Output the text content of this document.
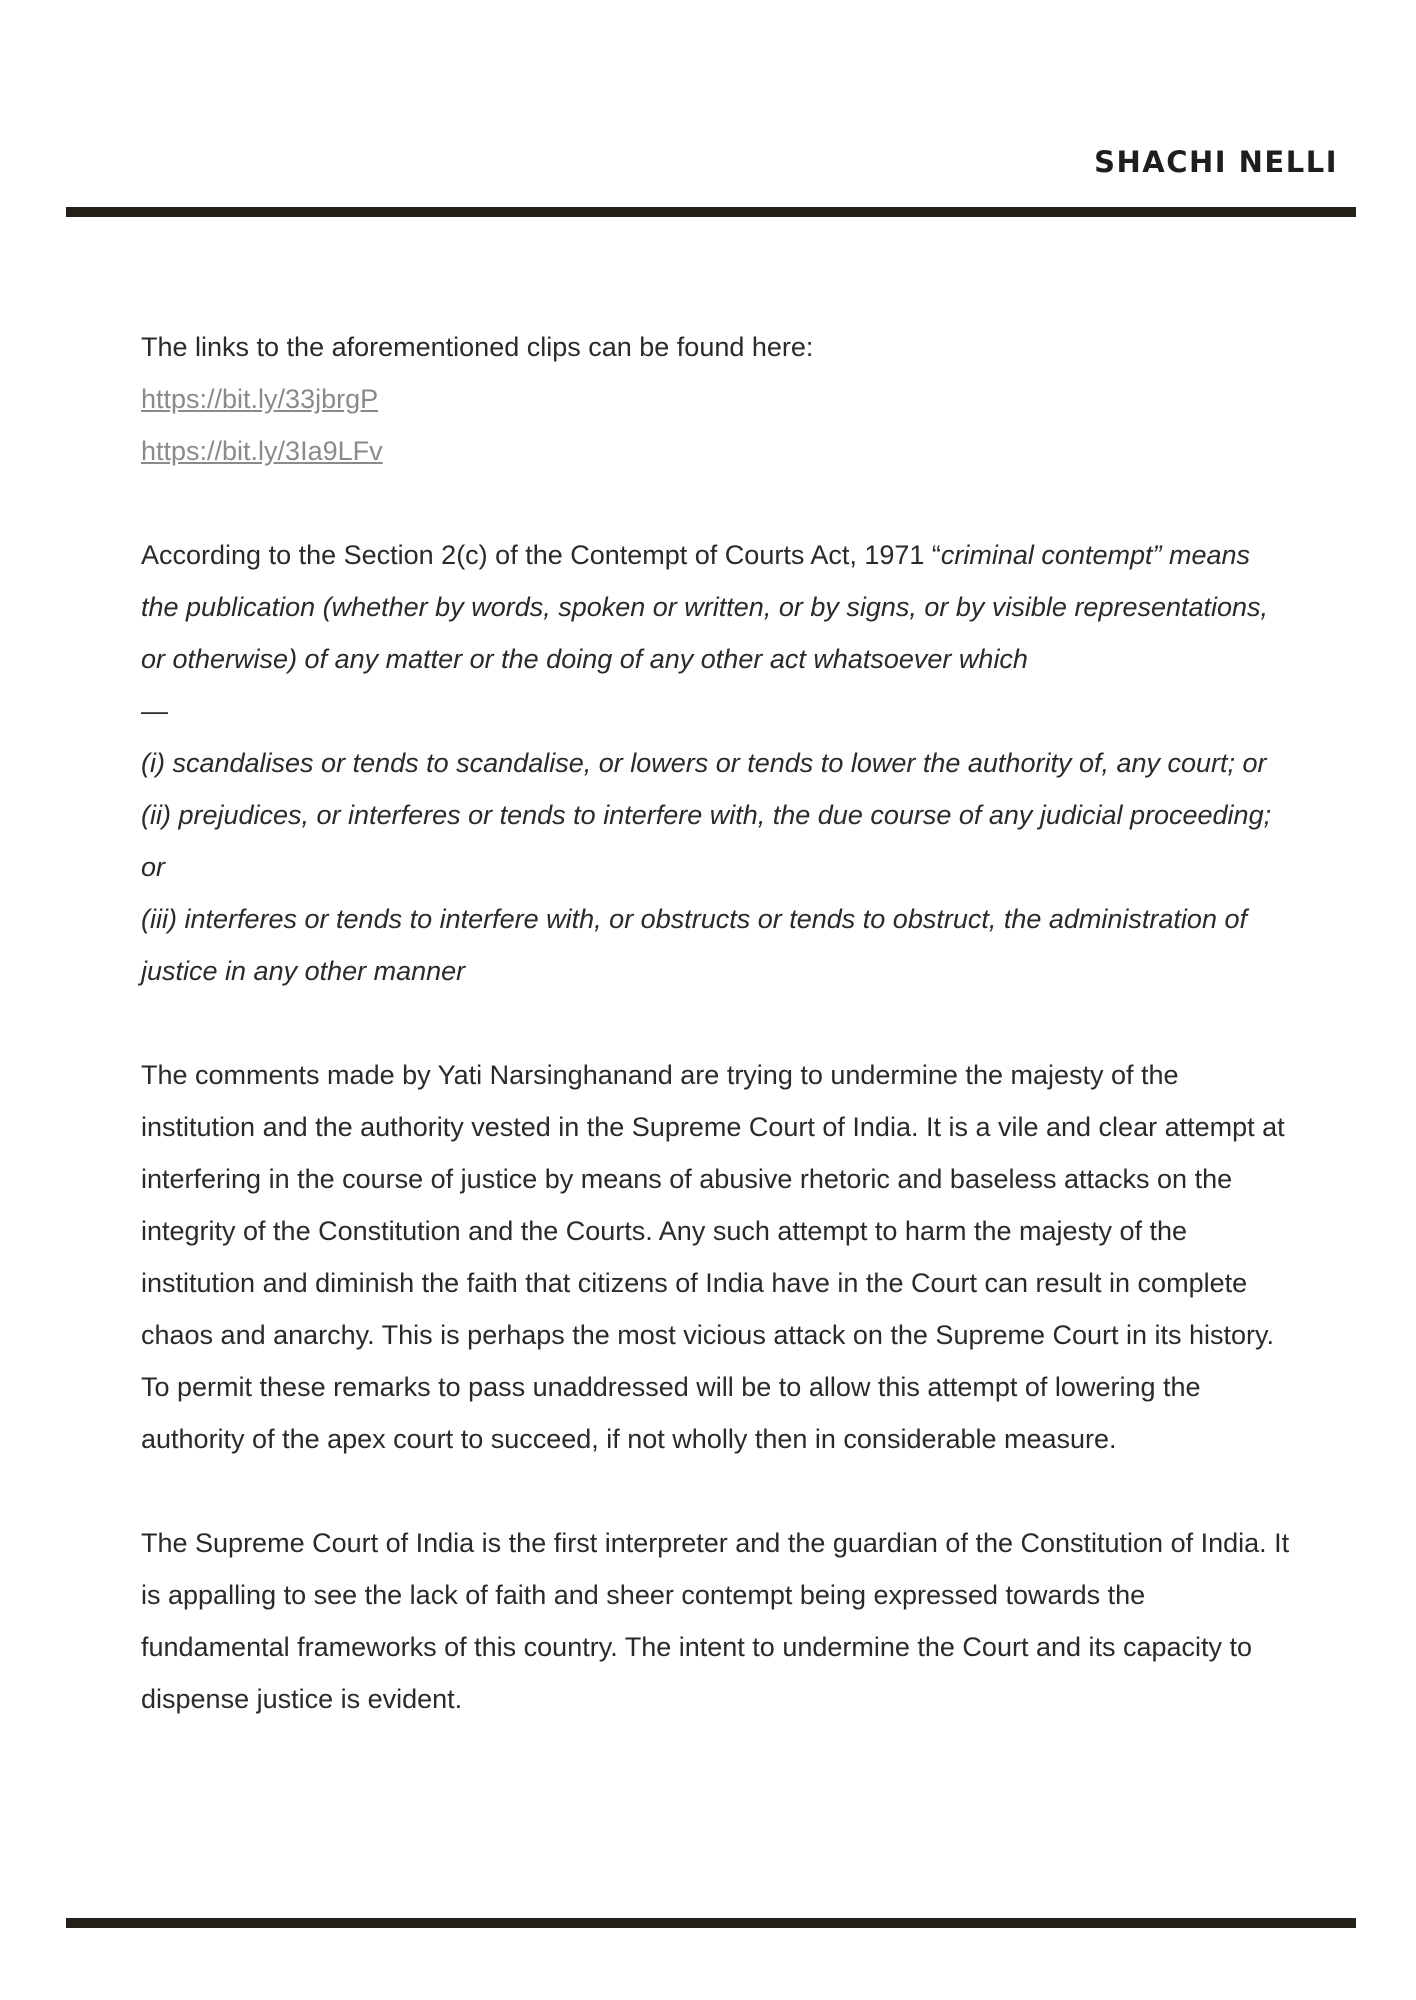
SHACHI NELLI

The links to the aforementioned clips can be found here:

https://bit.ly/33jbrgP
https://bit.ly/3Ia9LFv

According to the Section 2(c) of the Contempt of Courts Act, 1971 “criminal contempt” means the publication (whether by words, spoken or written, or by signs, or by visible representations, or otherwise) of any matter or the doing of any other act whatsoever which
—

(i) scandalises or tends to scandalise, or lowers or tends to lower the authority of, any court; or

(ii) prejudices, or interferes or tends to interfere with, the due course of any judicial proceeding; or

(iii) interferes or tends to interfere with, or obstructs or tends to obstruct, the administration of justice in any other manner

The comments made by Yati Narsinghanand are trying to undermine the majesty of the institution and the authority vested in the Supreme Court of India. It is a vile and clear attempt at interfering in the course of justice by means of abusive rhetoric and baseless attacks on the integrity of the Constitution and the Courts. Any such attempt to harm the majesty of the institution and diminish the faith that citizens of India have in the Court can result in complete chaos and anarchy. This is perhaps the most vicious attack on the Supreme Court in its history. To permit these remarks to pass unaddressed will be to allow this attempt of lowering the authority of the apex court to succeed, if not wholly then in considerable measure.

The Supreme Court of India is the first interpreter and the guardian of the Constitution of India. It is appalling to see the lack of faith and sheer contempt being expressed towards the fundamental frameworks of this country. The intent to undermine the Court and its capacity to dispense justice is evident.
